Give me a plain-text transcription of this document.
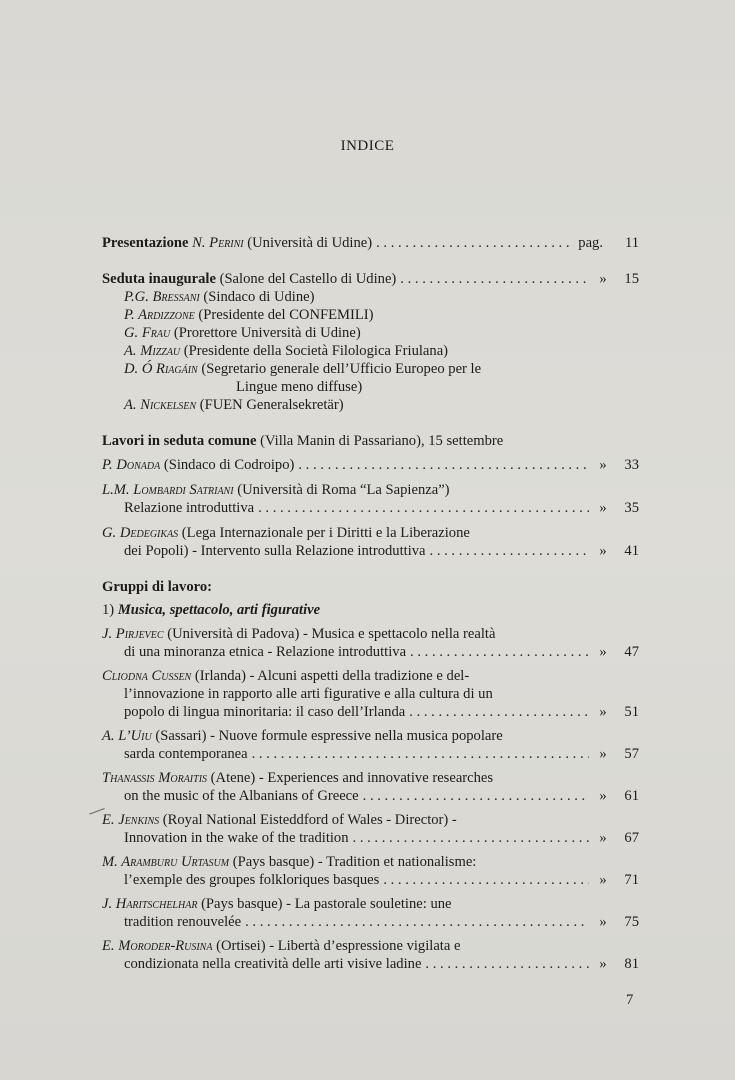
INDICE
Presentazione N. Perini (Università di Udine) . . .	pag.	11
Seduta inaugurale (Salone del Castello di Udine) . . .	»	15
P.G. Bressani (Sindaco di Udine)
P. Ardizzone (Presidente del CONFEMILI)
G. Frau (Prorettore Università di Udine)
A. Mizzau (Presidente della Società Filologica Friulana)
D. Ó Riagáin (Segretario generale dell’Ufficio Europeo per le
Lingue meno diffuse)
A. Nickelsen (FUEN Generalsekretär)
Lavori in seduta comune (Villa Manin di Passariano), 15 settembre
P. Donada (Sindaco di Codroipo) . . .	»	33
L.M. Lombardi Satriani (Università di Roma “La Sapienza”)
Relazione introduttiva . . .	»	35
G. Dedegikas (Lega Internazionale per i Diritti e la Liberazione
dei Popoli) - Intervento sulla Relazione introduttiva . . .	»	41
Gruppi di lavoro:
1) Musica, spettacolo, arti figurative
J. Pirjevec (Università di Padova) - Musica e spettacolo nella realtà
di una minoranza etnica - Relazione introduttiva . . .	»	47
Cliodna Cussen (Irlanda) - Alcuni aspetti della tradizione e del-
l’innovazione in rapporto alle arti figurative e alla cultura di un
popolo di lingua minoritaria: il caso dell’Irlanda . . .	»	51
A. L’Uiu (Sassari) - Nuove formule espressive nella musica popolare
sarda contemporanea . . .	»	57
Thanassis Moraitis (Atene) - Experiences and innovative researches
on the music of the Albanians of Greece . . .	»	61
E. Jenkins (Royal National Eisteddford of Wales - Director) -
Innovation in the wake of the tradition . . .	»	67
M. Aramburu Urtasum (Pays basque) - Tradition et nationalisme:
l’exemple des groupes folkloriques basques . . .	»	71
J. Haritschelhar (Pays basque) - La pastorale souletine: une
tradition renouvelée . . .	»	75
E. Moroder-Rusina (Ortisei) - Libertà d’espressione vigilata e
condizionata nella creatività delle arti visive ladine . . .	»	81
7
